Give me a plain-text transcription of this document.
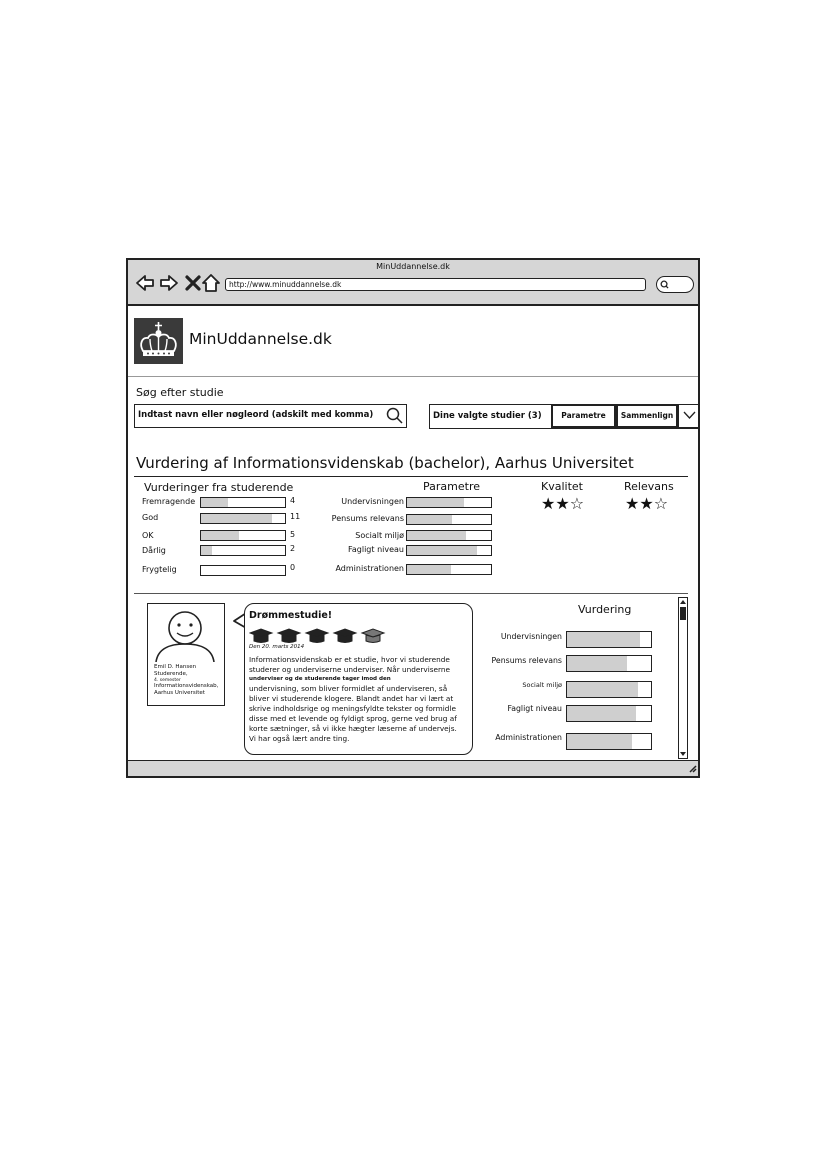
MinUddannelse.dk
http://www.minuddannelse.dk
MinUddannelse.dk
Søg efter studie
Indtast navn eller nøgleord (adskilt med komma)	Dine valgte studier (3)	Parametre	Sammenlign
Vurdering af Informationsvidenskab (bachelor), Aarhus Universitet
Vurderinger fra studerende
Fremragende	4
God	11
OK	5
Dårlig	2
Frygtelig	0
Parametre
Undervisningen
Pensums relevans
Socialt miljø
Fagligt niveau
Administrationen
Kvalitet
★★☆
Relevans
★★☆
Emil D. Hansen
Studerende,
4. semester
Informationsvidenskab,
Aarhus Universitet
Drømmestudie!
Den 20. marts 2014
Informationsvidenskab er et studie, hvor vi studerende
studerer og underviserne underviser. Når underviserne
underviser og de studerende tager imod den
undervisning, som bliver formidlet af underviseren, så
bliver vi studerende klogere. Blandt andet har vi lært at
skrive indholdsrige og meningsfyldte tekster og formidle
disse med et levende og fyldigt sprog, gerne ved brug af
korte sætninger, så vi ikke hægter læserne af undervejs.
Vi har også lært andre ting.
Vurdering
Undervisningen
Pensums relevans
Socialt miljø
Fagligt niveau
Administrationen
